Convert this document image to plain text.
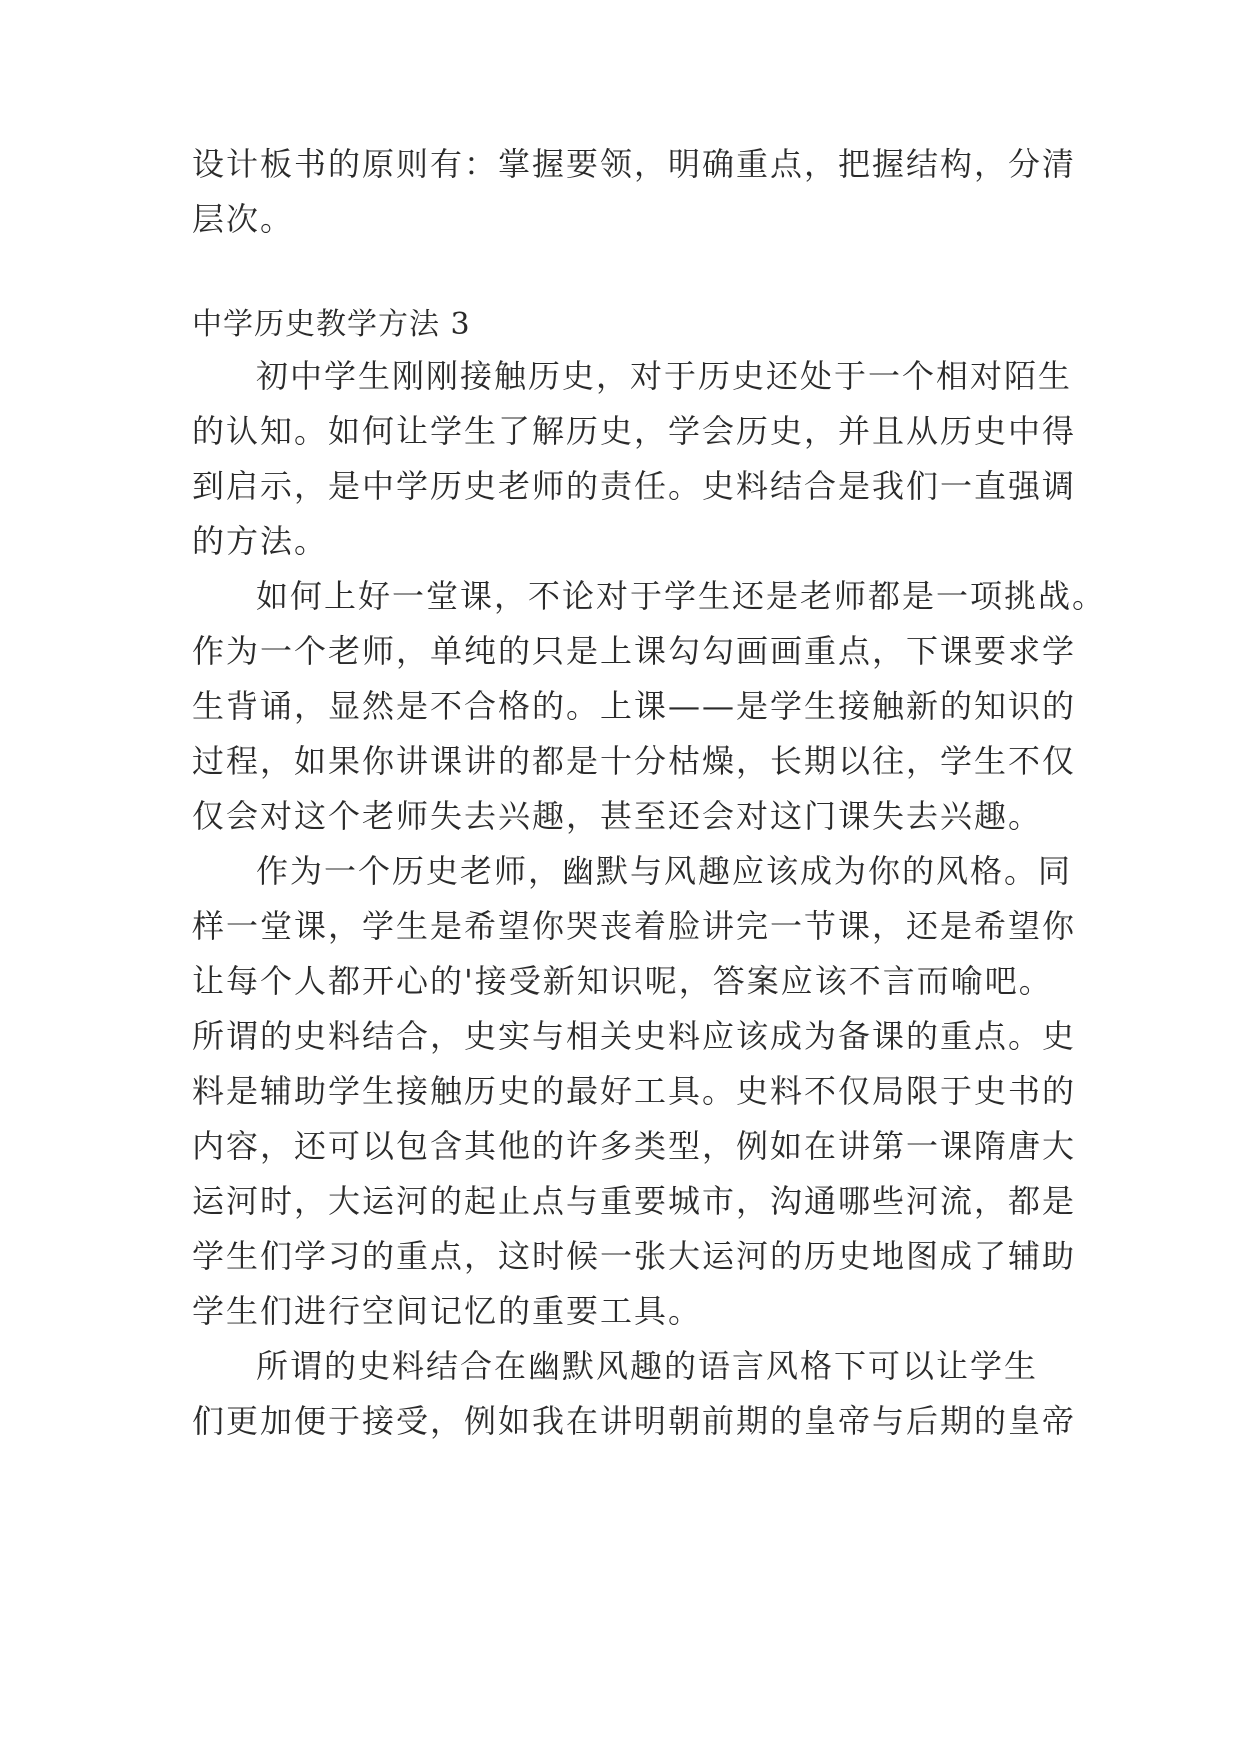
设计板书的原则有：掌握要领，明确重点，把握结构，分清
层次。
中学历史教学方法 3
初中学生刚刚接触历史，对于历史还处于一个相对陌生
的认知。如何让学生了解历史，学会历史，并且从历史中得
到启示，是中学历史老师的责任。史料结合是我们一直强调
的方法。
如何上好一堂课，不论对于学生还是老师都是一项挑战。
作为一个老师，单纯的只是上课勾勾画画重点，下课要求学
生背诵，显然是不合格的。上课——是学生接触新的知识的
过程，如果你讲课讲的都是十分枯燥，长期以往，学生不仅
仅会对这个老师失去兴趣，甚至还会对这门课失去兴趣。
作为一个历史老师，幽默与风趣应该成为你的风格。同
样一堂课，学生是希望你哭丧着脸讲完一节课，还是希望你
让每个人都开心的'接受新知识呢，答案应该不言而喻吧。
所谓的史料结合，史实与相关史料应该成为备课的重点。史
料是辅助学生接触历史的最好工具。史料不仅局限于史书的
内容，还可以包含其他的许多类型，例如在讲第一课隋唐大
运河时，大运河的起止点与重要城市，沟通哪些河流，都是
学生们学习的重点，这时候一张大运河的历史地图成了辅助
学生们进行空间记忆的重要工具。
所谓的史料结合在幽默风趣的语言风格下可以让学生
们更加便于接受，例如我在讲明朝前期的皇帝与后期的皇帝
